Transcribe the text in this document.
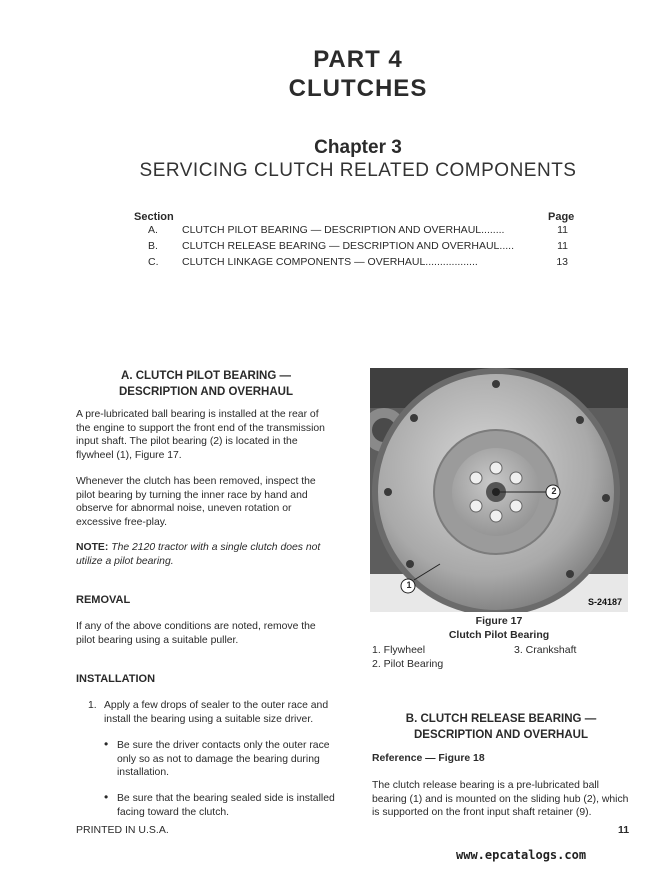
PART 4
CLUTCHES
Chapter 3
SERVICING CLUTCH RELATED COMPONENTS
Section	Page
A. CLUTCH PILOT BEARING — DESCRIPTION AND OVERHAUL........	11
B. CLUTCH RELEASE BEARING — DESCRIPTION AND OVERHAUL.....	11
C. CLUTCH LINKAGE COMPONENTS — OVERHAUL..................	13
A. CLUTCH PILOT BEARING —
DESCRIPTION AND OVERHAUL
A pre-lubricated ball bearing is installed at the rear of the engine to support the front end of the transmission input shaft. The pilot bearing (2) is located in the flywheel (1), Figure 17.
Whenever the clutch has been removed, inspect the pilot bearing by turning the inner race by hand and observe for abnormal noise, uneven rotation or excessive free-play.
NOTE: The 2120 tractor with a single clutch does not utilize a pilot bearing.
REMOVAL
If any of the above conditions are noted, remove the pilot bearing using a suitable puller.
INSTALLATION
1. Apply a few drops of sealer to the outer race and install the bearing using a suitable size driver.
• Be sure the driver contacts only the outer race only so as not to damage the bearing during installation.
• Be sure that the bearing sealed side is installed facing toward the clutch.
2
1
S-24187
Figure 17
Clutch Pilot Bearing
1. Flywheel
2. Pilot Bearing
3. Crankshaft
B. CLUTCH RELEASE BEARING —
DESCRIPTION AND OVERHAUL
Reference — Figure 18
The clutch release bearing is a pre-lubricated ball bearing (1) and is mounted on the sliding hub (2), which is supported on the front input shaft retainer (9).
PRINTED IN U.S.A.	11
www.epcatalogs.com
